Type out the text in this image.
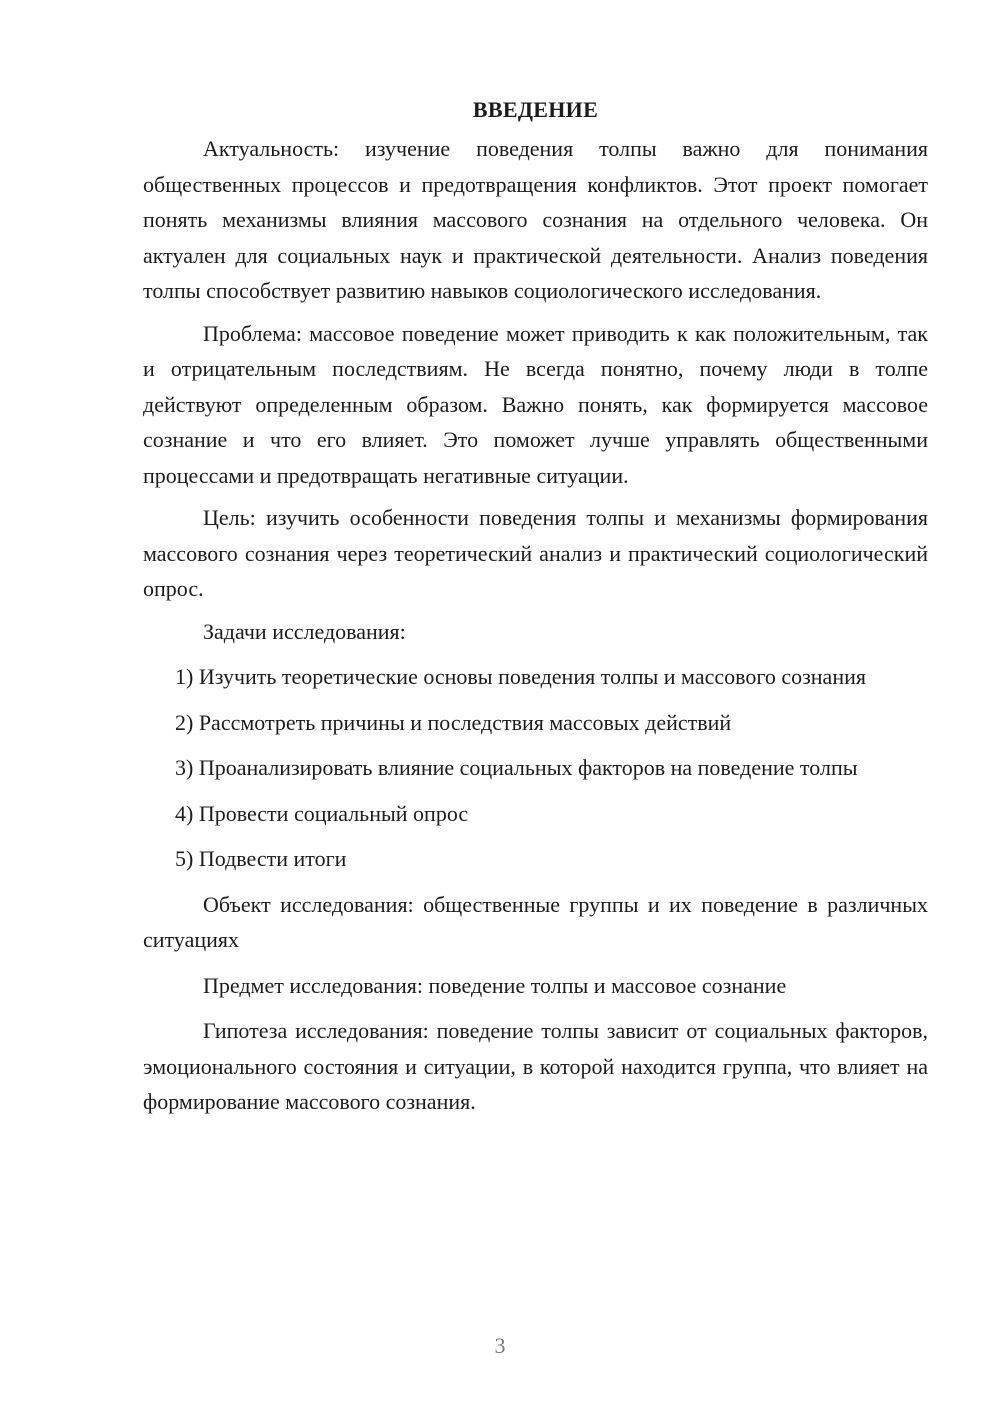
ВВЕДЕНИЕ

Актуальность: изучение поведения толпы важно для понимания общественных процессов и предотвращения конфликтов. Этот проект помогает понять механизмы влияния массового сознания на отдельного человека. Он актуален для социальных наук и практической деятельности. Анализ поведения толпы способствует развитию навыков социологического исследования.

Проблема: массовое поведение может приводить к как положительным, так и отрицательным последствиям. Не всегда понятно, почему люди в толпе действуют определенным образом. Важно понять, как формируется массовое сознание и что его влияет. Это поможет лучше управлять общественными процессами и предотвращать негативные ситуации.

Цель: изучить особенности поведения толпы и механизмы формирования массового сознания через теоретический анализ и практический социологический опрос.

Задачи исследования:

1) Изучить теоретические основы поведения толпы и массового сознания

2) Рассмотреть причины и последствия массовых действий

3) Проанализировать влияние социальных факторов на поведение толпы

4) Провести социальный опрос

5) Подвести итоги

Объект исследования: общественные группы и их поведение в различных ситуациях

Предмет исследования: поведение толпы и массовое сознание

Гипотеза исследования: поведение толпы зависит от социальных факторов, эмоционального состояния и ситуации, в которой находится группа, что влияет на формирование массового сознания.

3
